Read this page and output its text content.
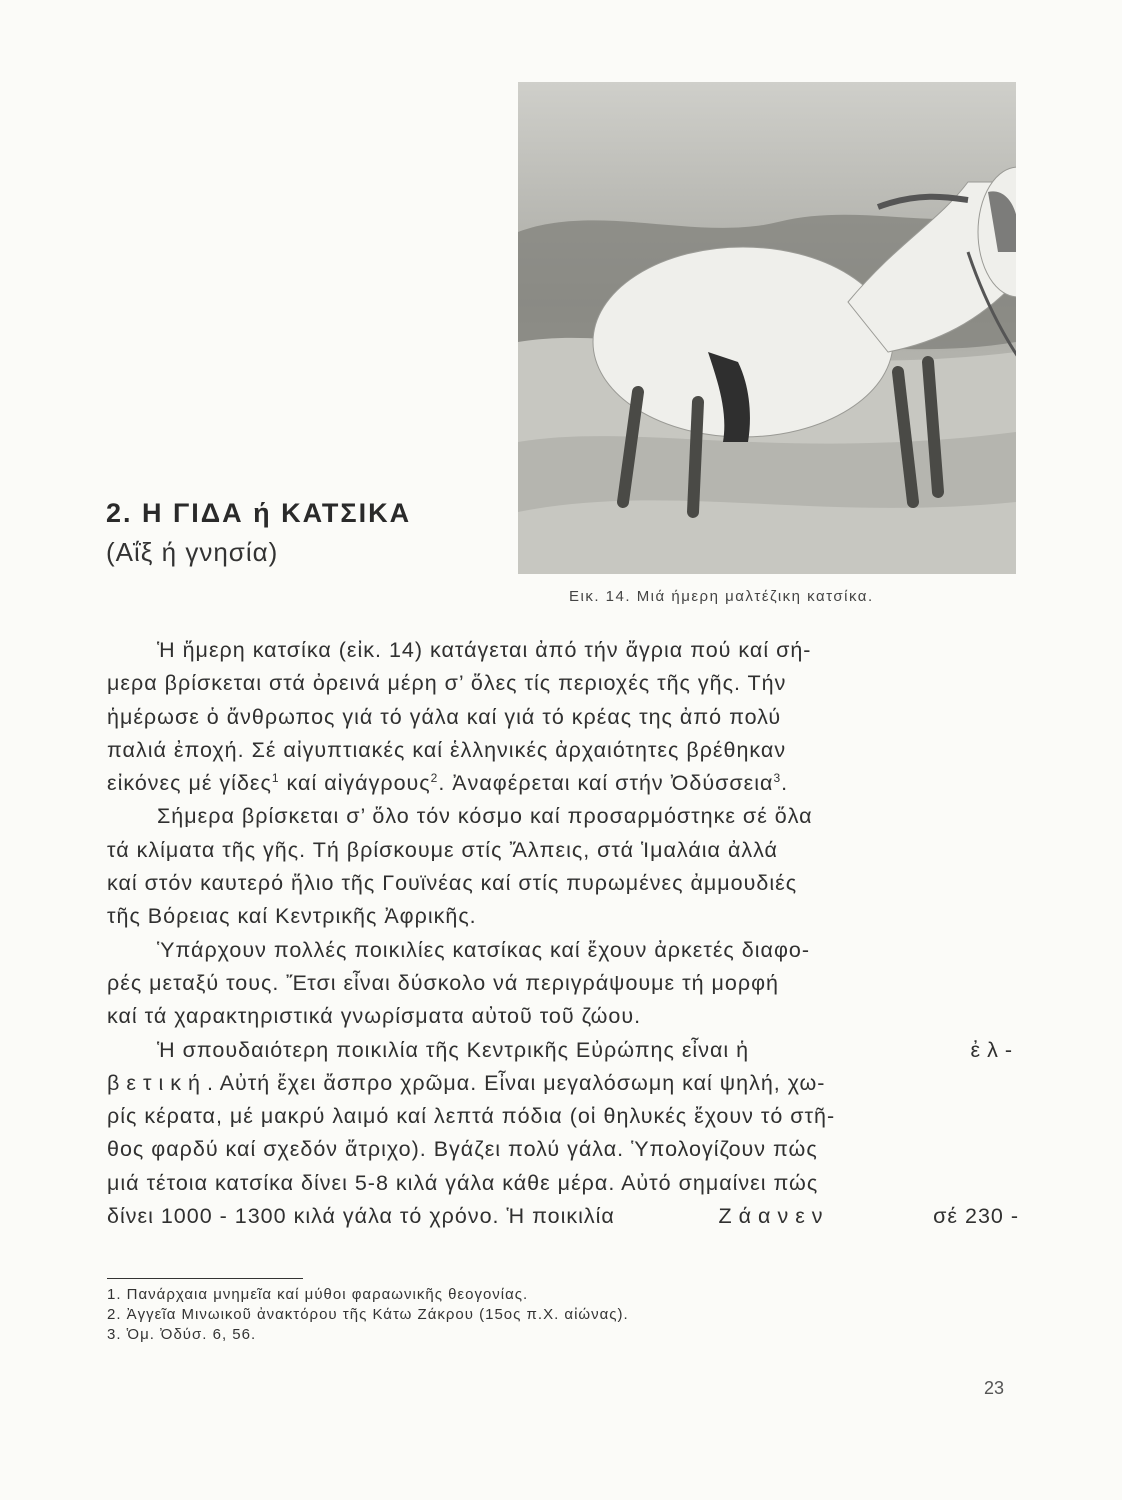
2. Η ΓΙΔΑ ή ΚΑΤΣΙΚΑ
(Αΐξ ή γνησία)
Εικ. 14. Μιά ήμερη μαλτέζικη κατσίκα.
Ἡ ἥμερη κατσίκα (εἰκ. 14) κατάγεται ἀπό τήν ἄγρια πού καί σή-
μερα βρίσκεται στά ὀρεινά μέρη σ’ ὅλες τίς περιοχές τῆς γῆς. Τήν
ἡμέρωσε ὁ ἄνθρωπος γιά τό γάλα καί γιά τό κρέας της ἀπό πολύ
παλιά ἐποχή. Σέ αἰγυπτιακές καί ἑλληνικές ἀρχαιότητες βρέθηκαν
εἰκόνες μέ γίδες$^1$ καί αἰγάγρους$^2$. Ἀναφέρεται καί στήν Ὀδύσσεια$^3$.
Σήμερα βρίσκεται σ’ ὅλο τόν κόσμο καί προσαρμόστηκε σέ ὅλα
τά κλίματα τῆς γῆς. Τή βρίσκουμε στίς Ἄλπεις, στά Ἱμαλάια ἀλλά
καί στόν καυτερό ἥλιο τῆς Γουϊνέας καί στίς πυρωμένες ἀμμουδιές
τῆς Βόρειας καί Κεντρικῆς Ἀφρικῆς.
Ὑπάρχουν πολλές ποικιλίες κατσίκας καί ἔχουν ἀρκετές διαφο-
ρές μεταξύ τους. Ἔτσι εἶναι δύσκολο νά περιγράψουμε τή μορφή
καί τά χαρακτηριστικά γνωρίσματα αὐτοῦ τοῦ ζώου.
Ἡ σπουδαιότερη ποικιλία τῆς Κεντρικῆς Εὐρώπης εἶναι ἡ	ἐλ-
βετική. Αὐτή ἔχει ἄσπρο χρῶμα. Εἶναι μεγαλόσωμη καί ψηλή, χω-
ρίς κέρατα, μέ μακρύ λαιμό καί λεπτά πόδια (οἱ θηλυκές ἔχουν τό στῆ-
θος φαρδύ καί σχεδόν ἄτριχο). Βγάζει πολύ γάλα. Ὑπολογίζουν πώς
μιά τέτοια κατσίκα δίνει 5-8 κιλά γάλα κάθε μέρα. Αὐτό σημαίνει πώς
δίνει 1000 - 1300 κιλά γάλα τό χρόνο. Ἡ ποικιλία	Ζάανεν	σέ 230 -
1. Πανάρχαια μνημεῖα καί μύθοι φαραωνικῆς θεογονίας.
2. Ἀγγεῖα Μινωικοῦ ἀνακτόρου τῆς Κάτω Ζάκρου (15ος π.Χ. αἰώνας).
3. Ὁμ. Ὀδύσ. 6, 56.
23
